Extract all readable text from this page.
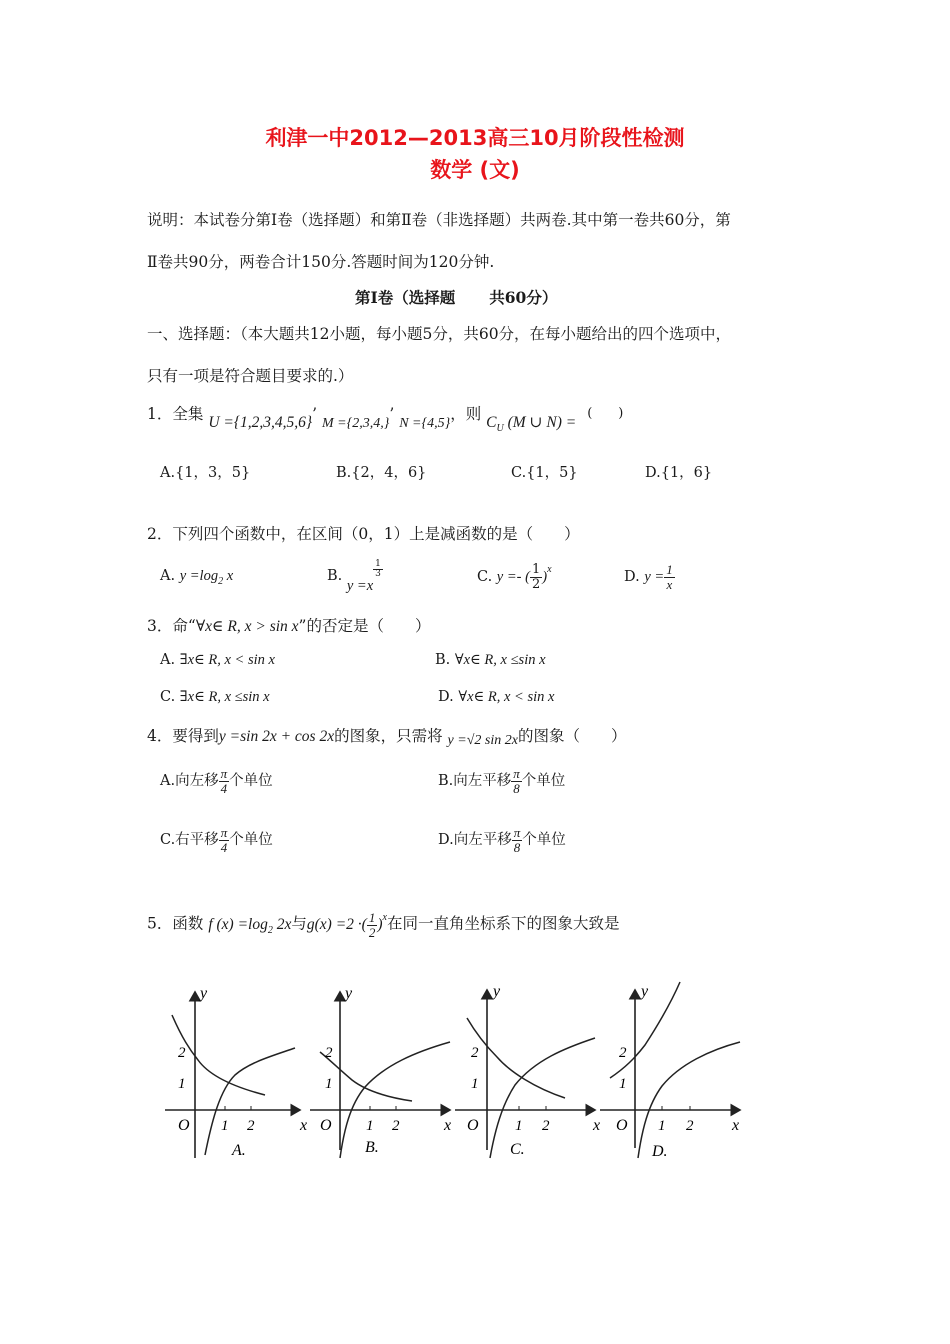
利津一中2012—2013高三10月阶段性检测
数学 (文)
说明：本试卷分第Ⅰ卷（选择题）和第Ⅱ卷（非选择题）共两卷.其中第一卷共60分，第
Ⅱ卷共90分，两卷合计150分.答题时间为120分钟.
第Ⅰ卷（选择题 共60分）
一、选择题：（本大题共12小题，每小题5分，共60分，在每小题给出的四个选项中，
只有一项是符合题目要求的.）
1．全集 U ={1,2,3,4,5,6}’ M ={2,3,4,}’ N ={4,5}，则 $C_U$ (M ∪ N) = (　　)
A.{1，3，5}	B.{2，4，6}	C.{1，5}	D.{1，6}
2．下列四个函数中，在区间（0，1）上是减函数的是（　　）
A. $y =\log_2$ x	B. y =x
$\frac{1}{3}$	C. y =- ( $\frac{1}{2} )^x$	D. $y = \frac{1}{x}$
3．命“∀x∈ R, x > sin x”的否定是（　　）
A. ∃x∈ R, x < sin x	B. ∀x∈ R, x ≤sin x
C. ∃x∈ R, x ≤sin x	D. ∀x∈ R, x < sin x
4．要得到y =sin 2x + cos 2x的图象，只需将 y =√2 sin 2x的图象（　　）
A.向左移 $\frac{\pi}{4}$ 个单位	B.向左平移 $\frac{\pi}{8}$ 个单位
C.右平移 $\frac{\pi}{4}$ 个单位	D.向左平移 $\frac{\pi}{8}$ 个单位
5．函数 f $(x) =\log_2$ 2x与g(x) =2 ·( $\frac{1}{2} )^x$在同一直角坐标系下的图象大致是
y
x
O
2
1
1 2
A.
y
x
O
2
1
1 2
B.
y
x
O
2
1
1 2
C.
y
x
O
2
1
1 2
D.
